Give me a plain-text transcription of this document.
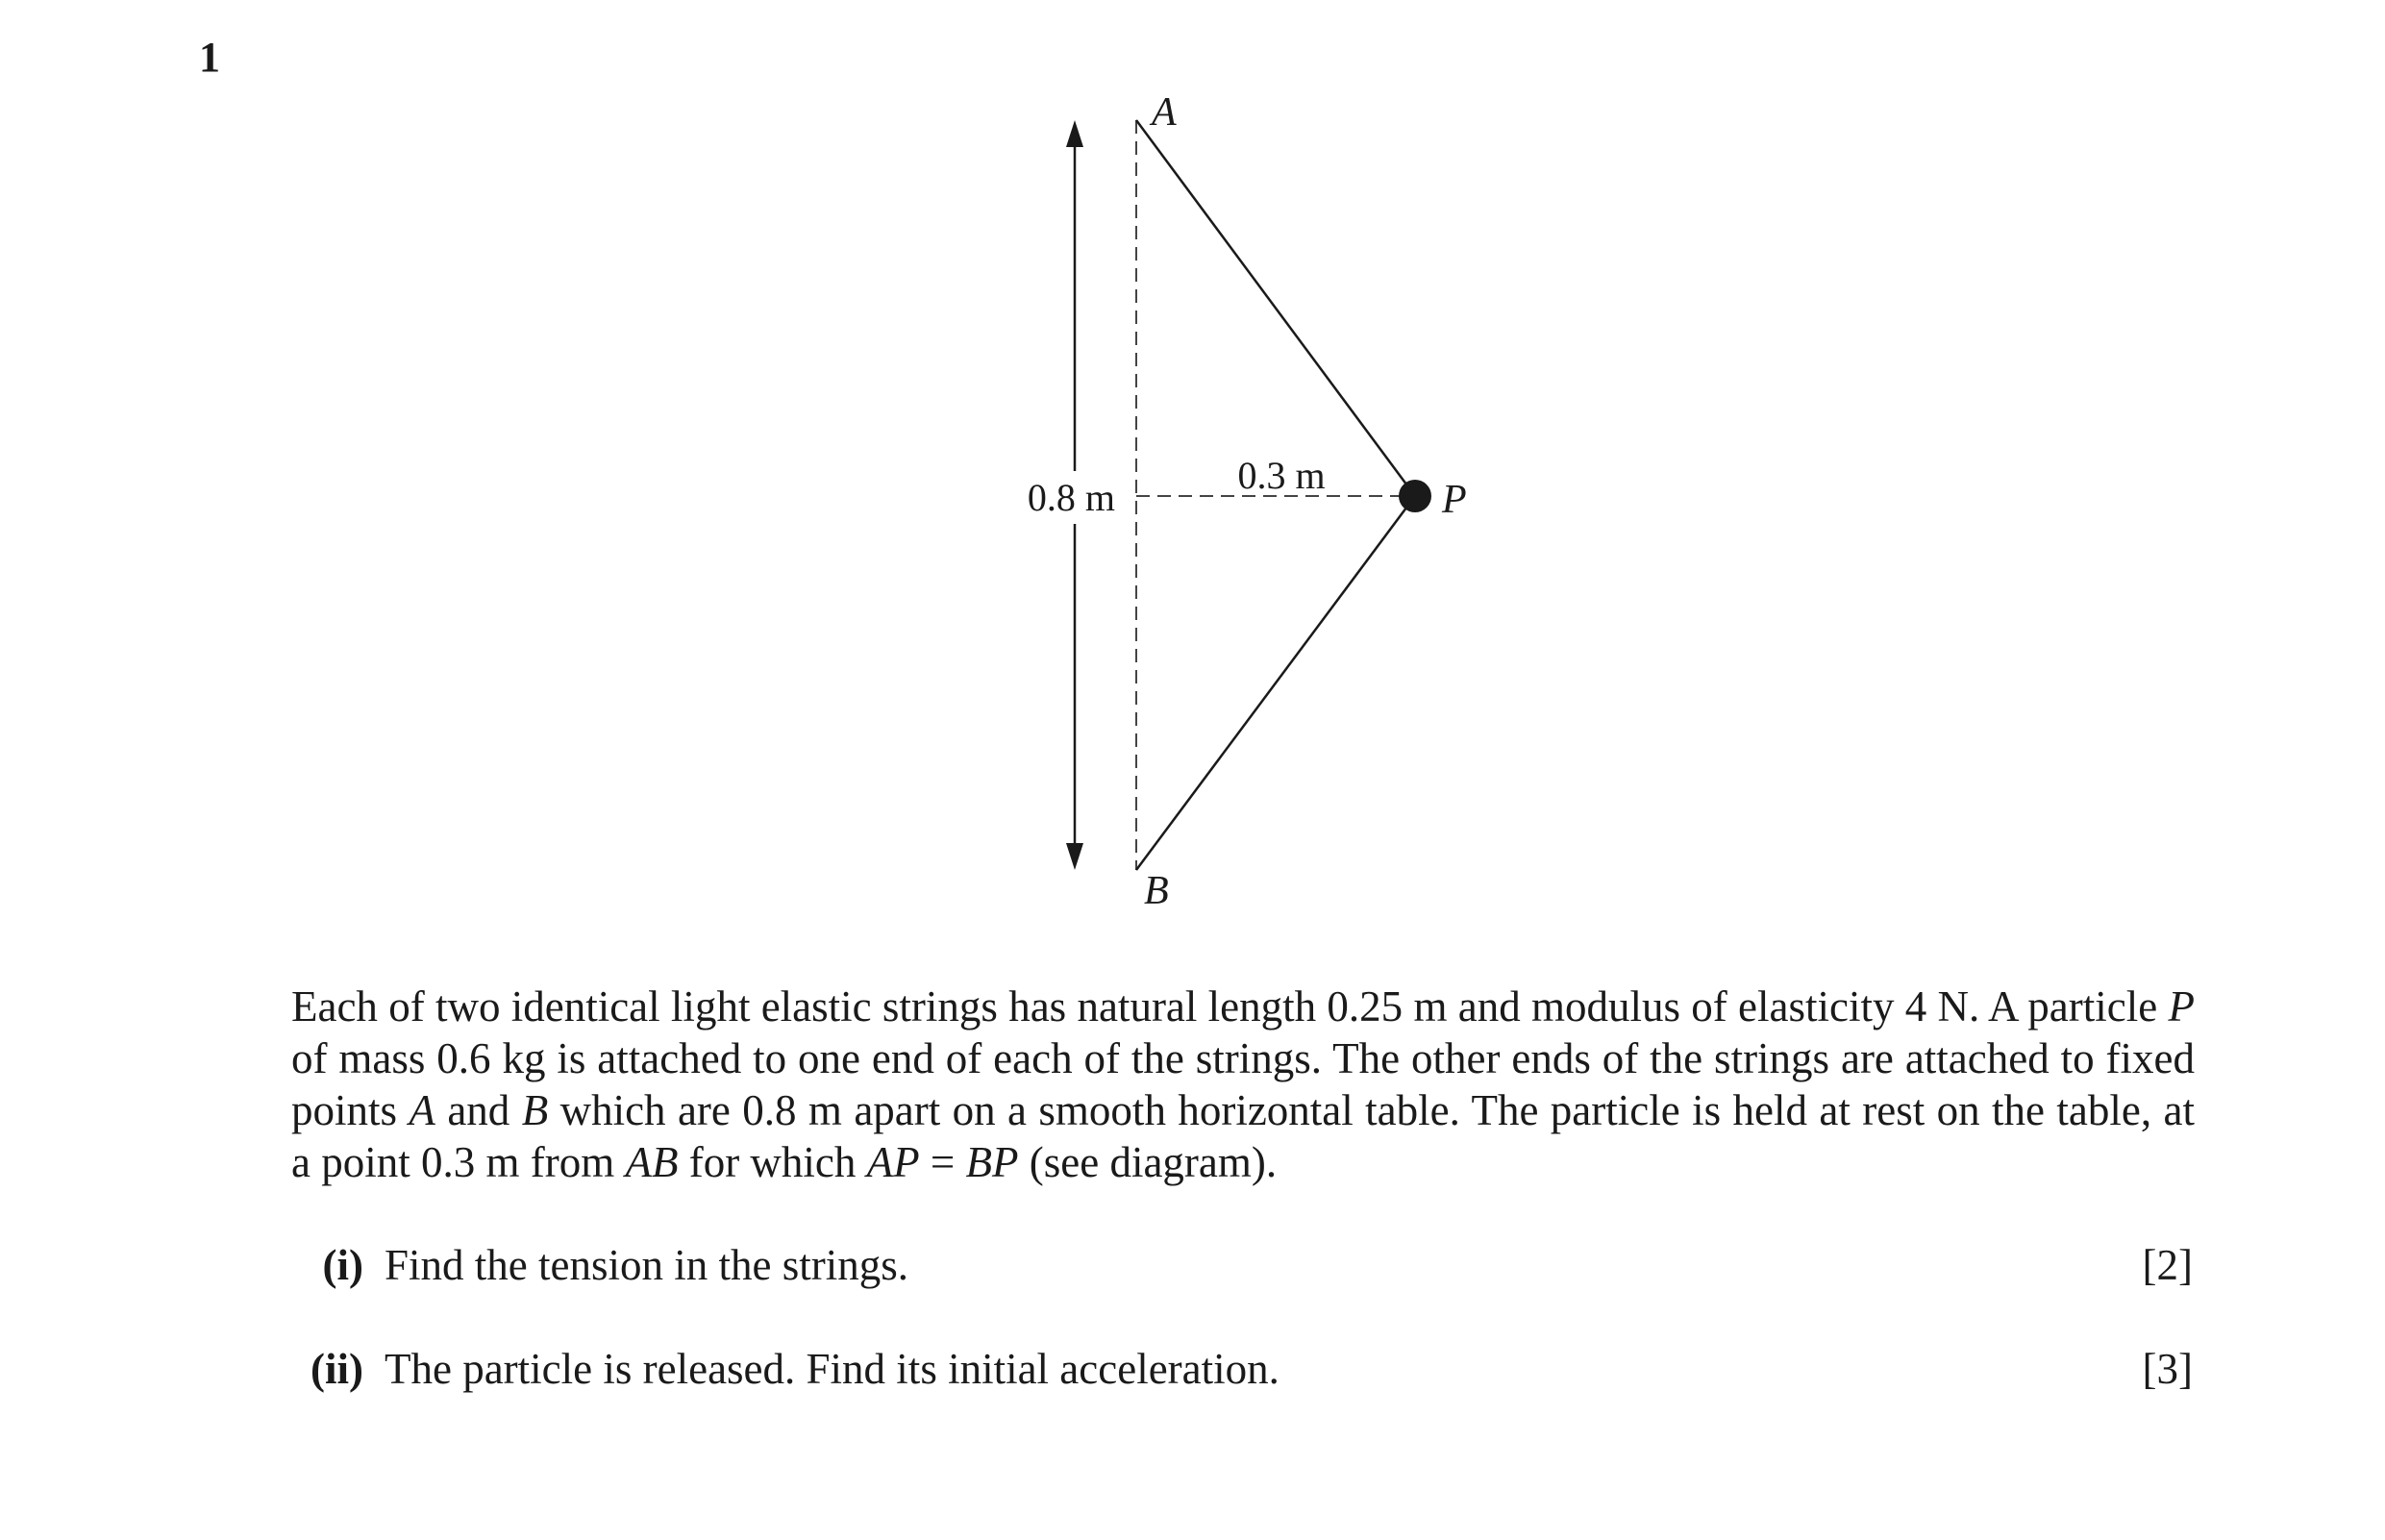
1
A
B
P
0.8 m
0.3 m
Each of two identical light elastic strings has natural length 0.25 m and modulus of elasticity 4 N. A particle P of mass 0.6 kg is attached to one end of each of the strings. The other ends of the strings are attached to fixed points A and B which are 0.8 m apart on a smooth horizontal table. The particle is held at rest on the table, at a point 0.3 m from AB for which AP = BP (see diagram).
(i) Find the tension in the strings.	[2]
(ii) The particle is released. Find its initial acceleration.	[3]
